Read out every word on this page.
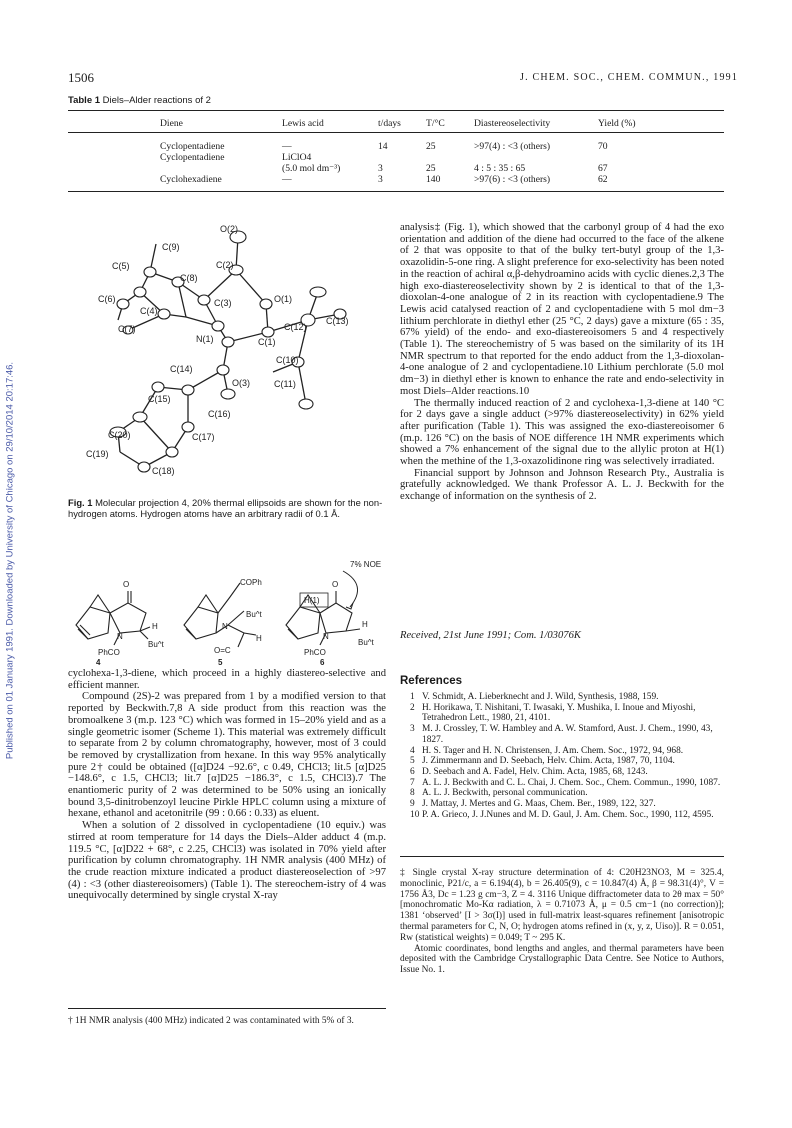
Published on 01 January 1991. Downloaded by University of Chicago on 29/10/2014 20:17:46.
1506	J. CHEM. SOC., CHEM. COMMUN., 1991
Table 1 Diels–Alder reactions of 2
Diene	Lewis acid	t/days	T/°C	Diastereoselectivity	Yield (%)

Cyclopentadiene	—	14	25	>97(4) : <3 (others)	70
Cyclopentadiene	LiClO4				
	(5.0 mol dm⁻³)	3	25	4 : 5 : 35 : 65	67
Cyclohexadiene	—	3	140	>97(6) : <3 (others)	62
O(2)
C(9)
C(5)	C(2)
C(8)
C(6)
C(4)
C(3)	O(1)
C(7)	C(12)
C(13)
N(1)	C(1)
C(10)
C(14)
O(3)	C(11)
C(15)
C(16)
C(20)	C(17)
C(19)
C(18)
Fig. 1 Molecular projection 4, 20% thermal ellipsoids are shown for the non-hydrogen atoms. Hydrogen atoms have an arbitrary radii of 0.1 Å.
7% NOE
O
N
H
Bu^t
PhCO
COPh
N
Bu^t
O=C
H
H(1)
O
N
H
Bu^t
PhCO
4	5	6

cyclohexa-1,3-diene, which proceed in a highly diastereo-selective and efficient manner.

Compound (2S)-2 was prepared from 1 by a modified version to that reported by Beckwith.7,8 A side product from this reaction was the bromoalkene 3 (m.p. 123 °C) which was formed in 15–20% yield and as a single geometric isomer (Scheme 1). This material was extremely difficult to separate from 2 by column chromatography, however, most of 3 could be removed by crystallization from hexane. In this way 95% analytically pure 2† could be obtained ([α]D24 −92.6°, c 0.49, CHCl3; lit.5 [α]D25 −148.6°, c 1.5, CHCl3; lit.7 [α]D25 −186.3°, c 1.5, CHCl3).7 The enantiomeric purity of 2 was determined to be 50% using an ionically bound 3,5-dinitrobenzoyl leucine Pirkle HPLC column using a mixture of hexane, ethanol and acetonitrile (99 : 0.66 : 0.33) as eluent.

When a solution of 2 dissolved in cyclopentadiene (10 equiv.) was stirred at room temperature for 14 days the Diels–Alder adduct 4 (m.p. 119.5 °C, [α]D22 + 68°, c 2.25, CHCl3) was isolated in 70% yield after purification by column chromatography. 1H NMR analysis (400 MHz) of the crude reaction mixture indicated a product diastereoselection of >97 (4) : <3 (other diastereoisomers) (Table 1). The stereochem-istry of 4 was unequivocally determined by single crystal X-ray

analysis‡ (Fig. 1), which showed that the carbonyl group of 4 had the exo orientation and addition of the diene had occurred to the face of the alkene of 2 that was opposite to that of the bulky tert-butyl group of the 1,3-oxazolidin-5-one ring. A slight preference for exo-selectivity has been noted in the reaction of achiral α,β-dehydroamino acids with cyclic dienes.2,3 The high exo-diastereoselectivity shown by 2 is identical to that of the 1,3-dioxolan-4-one analogue of 2 in its reaction with cyclopentadiene.9 The Lewis acid catalysed reaction of 2 and cyclopentadiene with 5 mol dm−3 lithium perchlorate in diethyl ether (25 °C, 2 days) gave a mixture (65 : 35, 67% yield) of the endo- and exo-diastereoisomers 5 and 4 respectively (Table 1). The stereochemistry of 5 was based on the similarity of its 1H NMR spectrum to that reported for the endo adduct from the 1,3-dioxolan-4-one analogue of 2 and cyclopentadiene.10 Lithium perchlorate (5.0 mol dm−3) in diethyl ether is known to enhance the rate and endo-selectivity in most Diels–Alder reactions.10

The thermally induced reaction of 2 and cyclohexa-1,3-diene at 140 °C for 2 days gave a single adduct (>97% diastereoselectivity) in 62% yield after purification (Table 1). This was assigned the exo-diastereoisomer 6 (m.p. 126 °C) on the basis of NOE difference 1H NMR experiments which showed a 7% enhancement of the signal due to the allylic proton at H(1) when the methine of the 1,3-oxazolidinone ring was selectively irradiated.

Financial support by Johnson and Johnson Research Pty., Australia is gratefully acknowledged. We thank Professor A. L. J. Beckwith for the exchange of information on the synthesis of 2.

Received, 21st June 1991; Com. 1/03076K
References
1 V. Schmidt, A. Lieberknecht and J. Wild, Synthesis, 1988, 159.
2 H. Horikawa, T. Nishitani, T. Iwasaki, Y. Mushika, I. Inoue and Miyoshi, Tetrahedron Lett., 1980, 21, 4101.
3 M. J. Crossley, T. W. Hambley and A. W. Stamford, Aust. J. Chem., 1990, 43, 1827.
4 H. S. Tager and H. N. Christensen, J. Am. Chem. Soc., 1972, 94, 968.
5 J. Zimmermann and D. Seebach, Helv. Chim. Acta, 1987, 70, 1104.
6 D. Seebach and A. Fadel, Helv. Chim. Acta, 1985, 68, 1243.
7 A. L. J. Beckwith and C. L. Chai, J. Chem. Soc., Chem. Commun., 1990, 1087.
8 A. L. J. Beckwith, personal communication.
9 J. Mattay, J. Mertes and G. Maas, Chem. Ber., 1989, 122, 327.
10 P. A. Grieco, J. J.Nunes and M. D. Gaul, J. Am. Chem. Soc., 1990, 112, 4595.

‡ Single crystal X-ray structure determination of 4: C20H23NO3, M = 325.4, monoclinic, P21/c, a = 6.194(4), b = 26.405(9), c = 10.847(4) Å, β = 98.31(4)°, V = 1756 Å3, Dc = 1.23 g cm−3, Z = 4. 3116 Unique diffractometer data to 2θ max = 50° [monochromatic Mo-Kα radiation, λ = 0.71073 Å, μ = 0.5 cm−1 (no correction)]; 1381 ‘observed’ [I > 3σ(I)] used in full-matrix least-squares refinement [anisotropic thermal parameters for C, N, O; hydrogen atoms refined in (x, y, z, Uiso)]. R = 0.051, Rw (statistical weights) = 0.049; T ~ 295 K.

Atomic coordinates, bond lengths and angles, and thermal parameters have been deposited with the Cambridge Crystallographic Data Centre. See Notice to Authors, Issue No. 1.

† 1H NMR analysis (400 MHz) indicated 2 was contaminated with 5% of 3.
